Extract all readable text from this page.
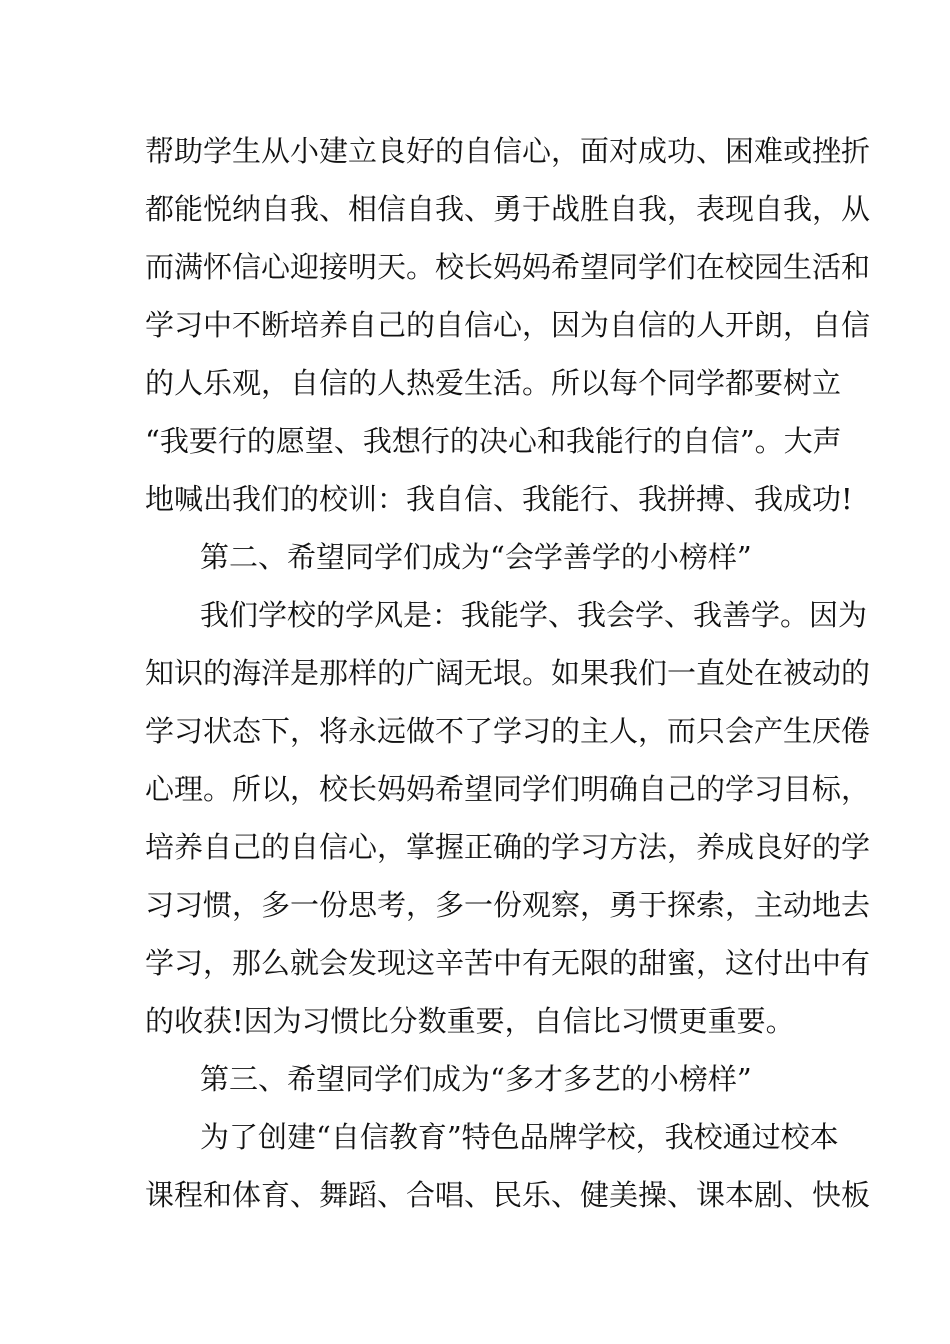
帮助学生从小建立良好的自信心，面对成功、困难或挫折
都能悦纳自我、相信自我、勇于战胜自我，表现自我，从
而满怀信心迎接明天。校长妈妈希望同学们在校园生活和
学习中不断培养自己的自信心，因为自信的人开朗，自信
的人乐观，自信的人热爱生活。所以每个同学都要树立
“我要行的愿望、我想行的决心和我能行的自信”。大声
地喊出我们的校训：我自信、我能行、我拼搏、我成功!
第二、希望同学们成为“会学善学的小榜样”
我们学校的学风是：我能学、我会学、我善学。因为
知识的海洋是那样的广阔无垠。如果我们一直处在被动的
学习状态下，将永远做不了学习的主人，而只会产生厌倦
心理。所以，校长妈妈希望同学们明确自己的学习目标，
培养自己的自信心，掌握正确的学习方法，养成良好的学
习习惯，多一份思考，多一份观察，勇于探索，主动地去
学习，那么就会发现这辛苦中有无限的甜蜜，这付出中有
的收获!因为习惯比分数重要，自信比习惯更重要。
第三、希望同学们成为“多才多艺的小榜样”
为了创建“自信教育”特色品牌学校，我校通过校本
课程和体育、舞蹈、合唱、民乐、健美操、课本剧、快板
